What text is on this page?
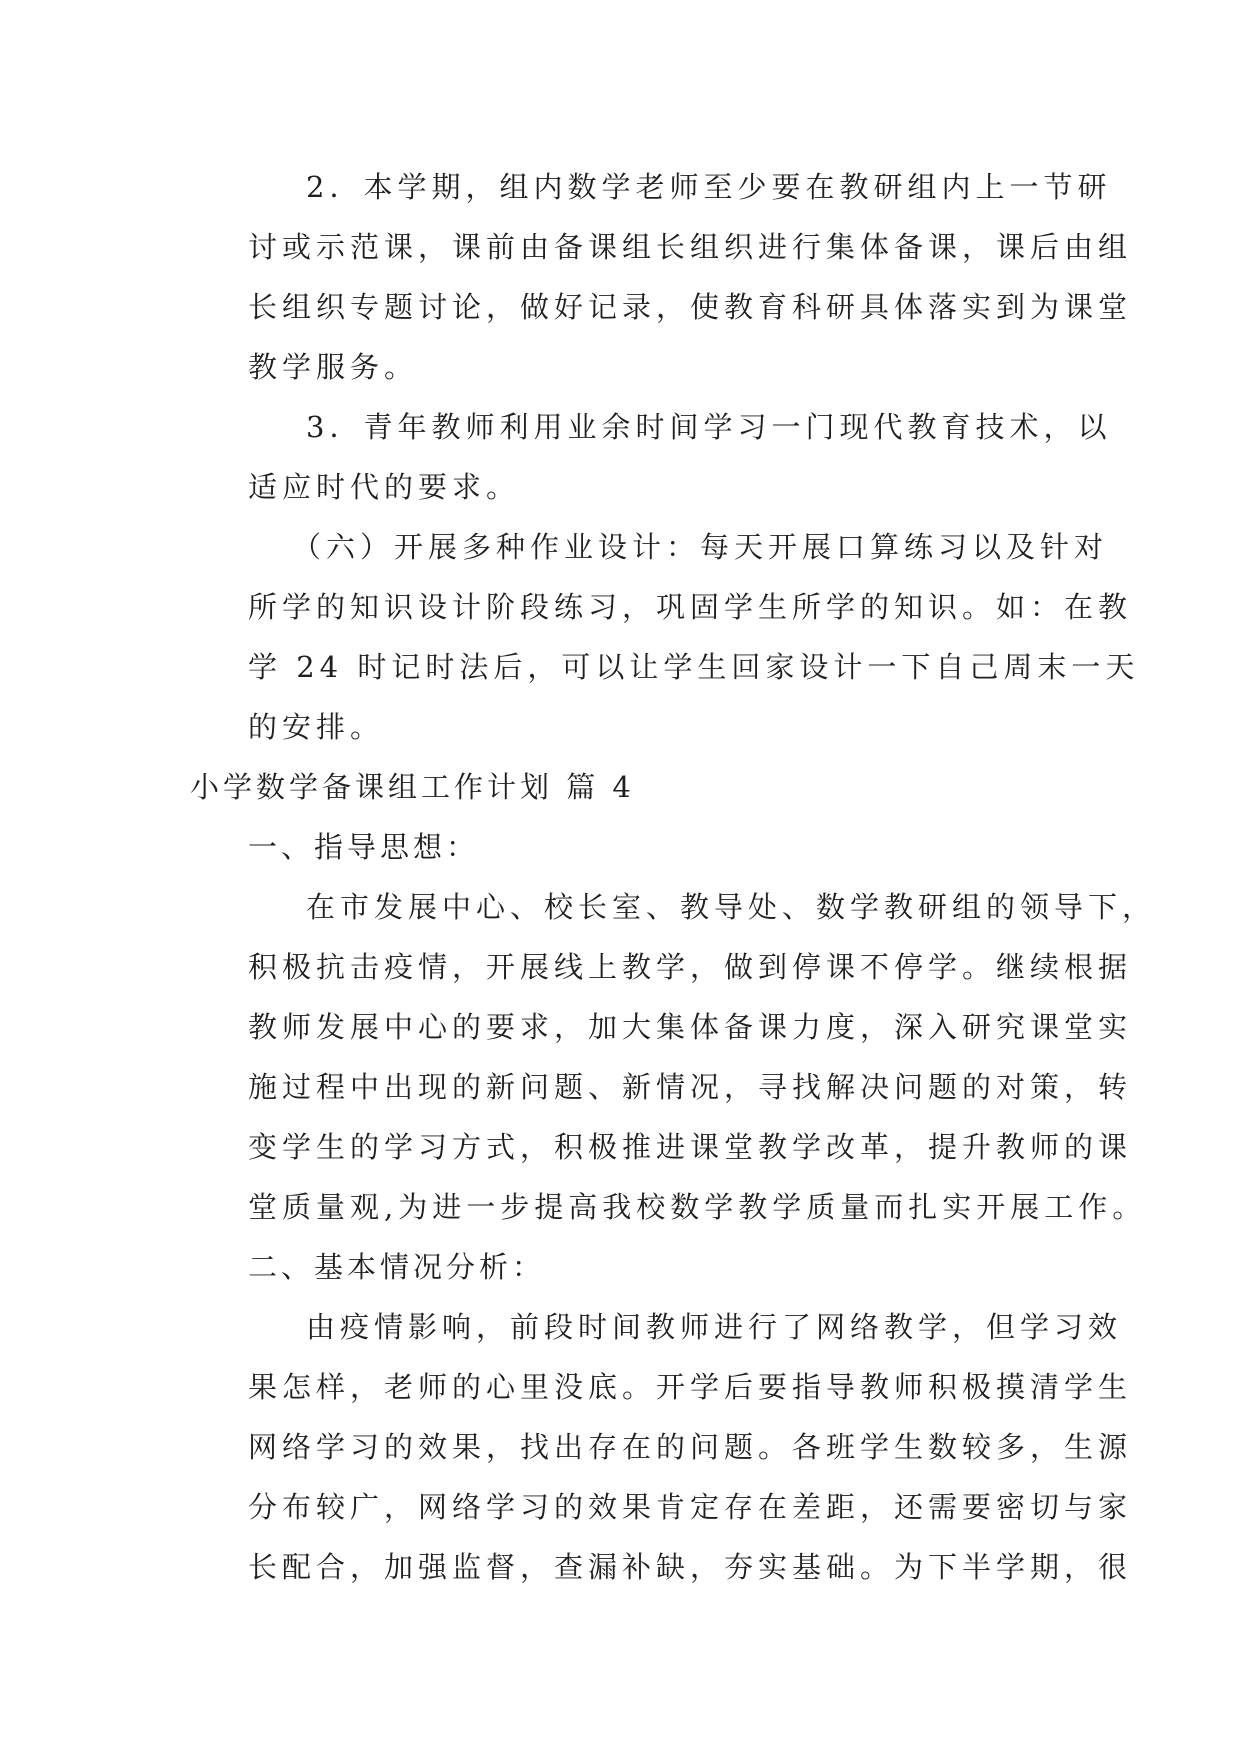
2．本学期，组内数学老师至少要在教研组内上一节研
讨或示范课，课前由备课组长组织进行集体备课，课后由组
长组织专题讨论，做好记录，使教育科研具体落实到为课堂
教学服务。
3．青年教师利用业余时间学习一门现代教育技术，以
适应时代的要求。
（六）开展多种作业设计：每天开展口算练习以及针对
所学的知识设计阶段练习，巩固学生所学的知识。如：在教
学 24 时记时法后，可以让学生回家设计一下自己周末一天
的安排。
小学数学备课组工作计划 篇 4
一、指导思想：
在市发展中心、校长室、教导处、数学教研组的领导下，
积极抗击疫情，开展线上教学，做到停课不停学。继续根据
教师发展中心的要求，加大集体备课力度，深入研究课堂实
施过程中出现的新问题、新情况，寻找解决问题的对策，转
变学生的学习方式，积极推进课堂教学改革，提升教师的课
堂质量观,为进一步提高我校数学教学质量而扎实开展工作。
二、基本情况分析：
由疫情影响，前段时间教师进行了网络教学，但学习效
果怎样，老师的心里没底。开学后要指导教师积极摸清学生
网络学习的效果，找出存在的问题。各班学生数较多，生源
分布较广，网络学习的效果肯定存在差距，还需要密切与家
长配合，加强监督，查漏补缺，夯实基础。为下半学期，很
